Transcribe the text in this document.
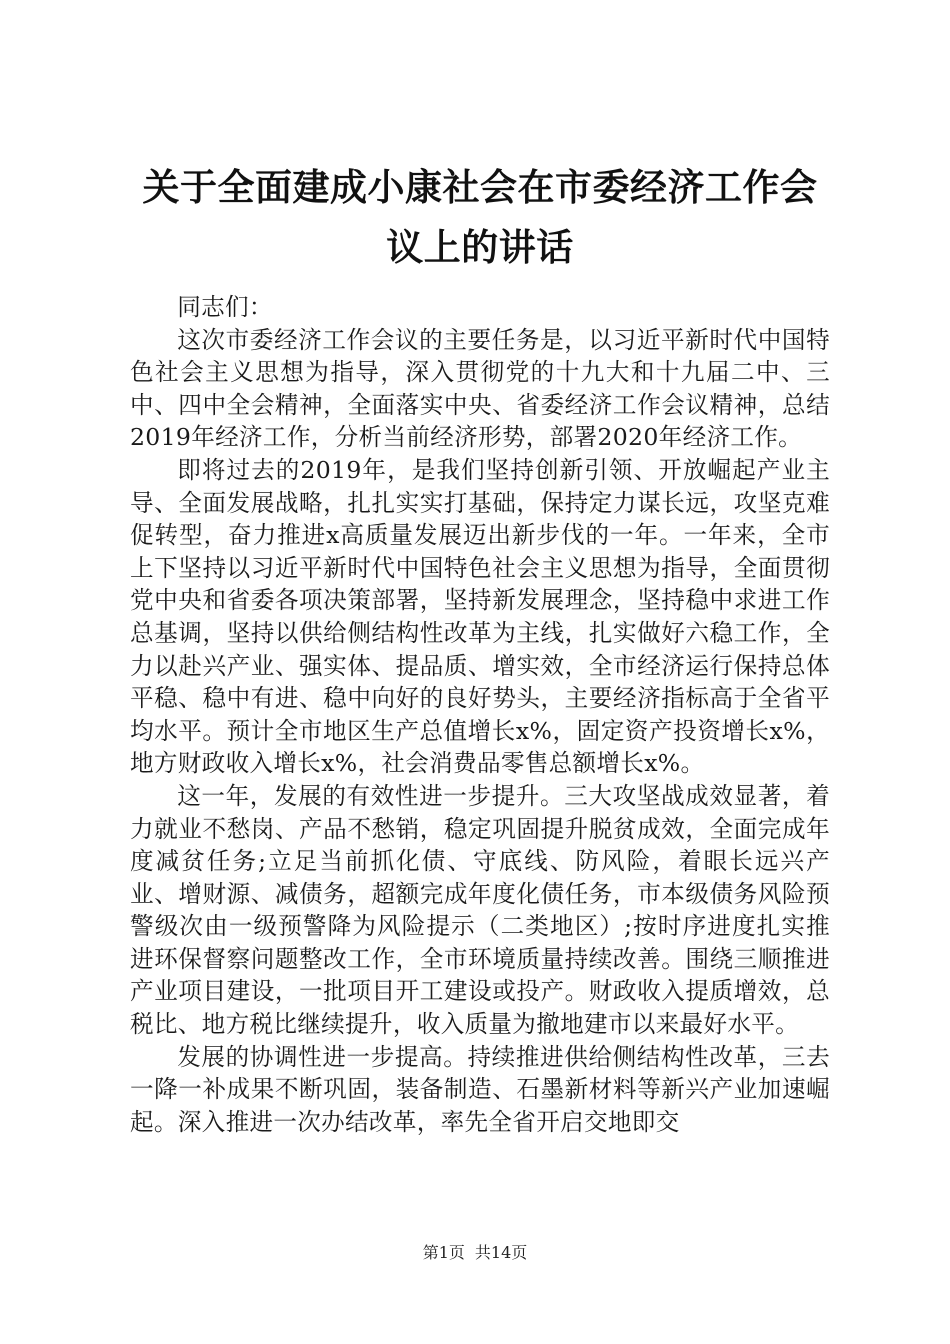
关于全面建成小康社会在市委经济工作会议上的讲话

同志们：

这次市委经济工作会议的主要任务是，以习近平新时代中国特色社会主义思想为指导，深入贯彻党的十九大和十九届二中、三中、四中全会精神，全面落实中央、省委经济工作会议精神，总结2019年经济工作，分析当前经济形势，部署2020年经济工作。

即将过去的2019年，是我们坚持创新引领、开放崛起产业主导、全面发展战略，扎扎实实打基础，保持定力谋长远，攻坚克难促转型，奋力推进x高质量发展迈出新步伐的一年。一年来，全市上下坚持以习近平新时代中国特色社会主义思想为指导，全面贯彻党中央和省委各项决策部署，坚持新发展理念，坚持稳中求进工作总基调，坚持以供给侧结构性改革为主线，扎实做好六稳工作，全力以赴兴产业、强实体、提品质、增实效，全市经济运行保持总体平稳、稳中有进、稳中向好的良好势头，主要经济指标高于全省平均水平。预计全市地区生产总值增长x%，固定资产投资增长x%，地方财政收入增长x%，社会消费品零售总额增长x%。

这一年，发展的有效性进一步提升。三大攻坚战成效显著，着力就业不愁岗、产品不愁销，稳定巩固提升脱贫成效，全面完成年度减贫任务;立足当前抓化债、守底线、防风险，着眼长远兴产业、增财源、减债务，超额完成年度化债任务，市本级债务风险预警级次由一级预警降为风险提示（二类地区）;按时序进度扎实推进环保督察问题整改工作，全市环境质量持续改善。围绕三顺推进产业项目建设，一批项目开工建设或投产。财政收入提质增效，总税比、地方税比继续提升，收入质量为撤地建市以来最好水平。

发展的协调性进一步提高。持续推进供给侧结构性改革，三去一降一补成果不断巩固，装备制造、石墨新材料等新兴产业加速崛起。深入推进一次办结改革，率先全省开启交地即交

第1页 共14页
